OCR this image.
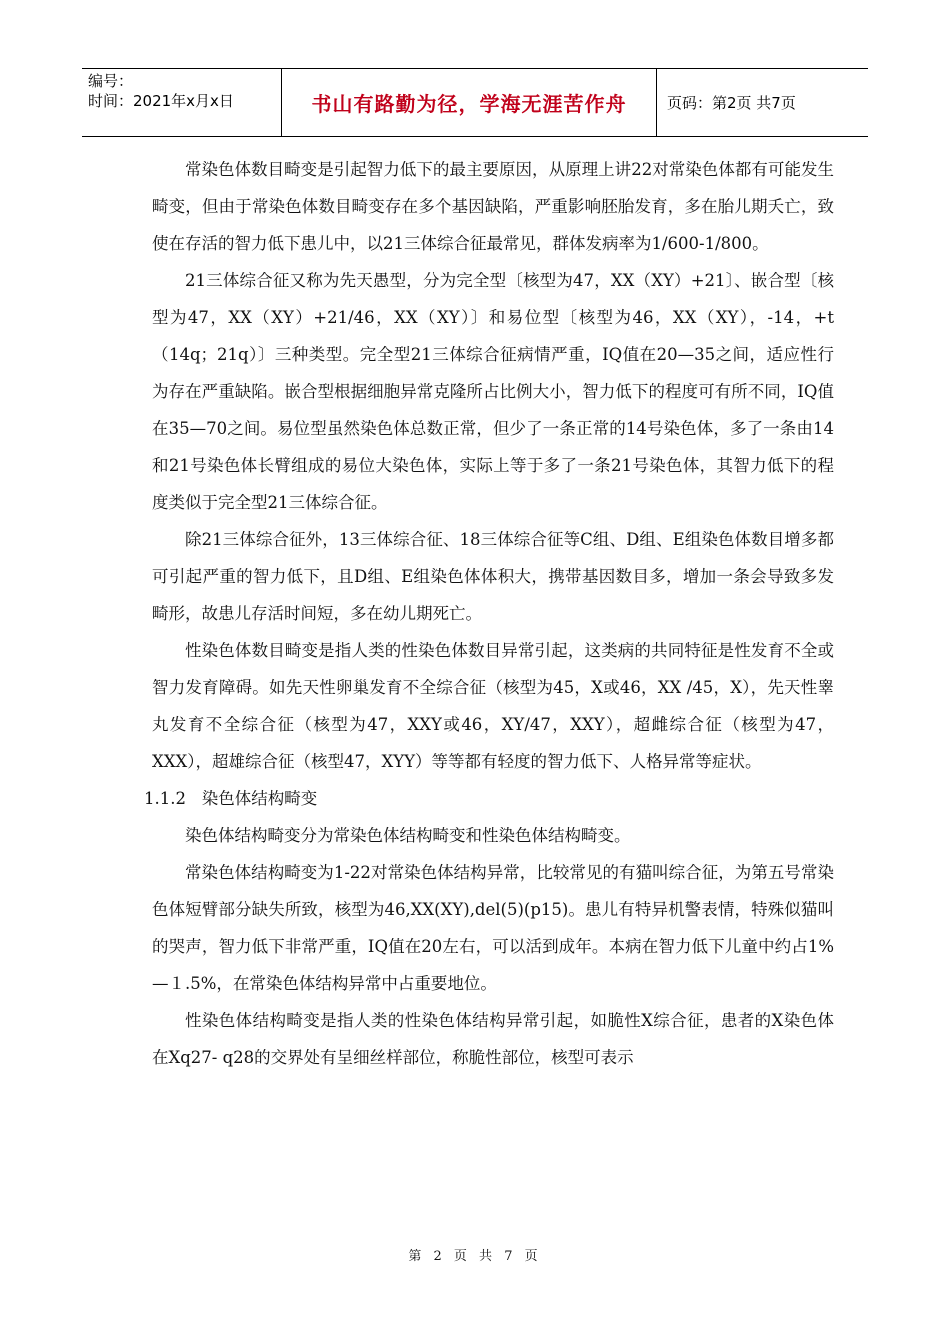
编号：
时间：2021年x月x日	书山有路勤为径，学海无涯苦作舟	页码：第2页 共7页

常染色体数目畸变是引起智力低下的最主要原因，从原理上讲22对常染色体都有可能发生畸变，但由于常染色体数目畸变存在多个基因缺陷，严重影响胚胎发育，多在胎儿期夭亡，致使在存活的智力低下患儿中，以21三体综合征最常见，群体发病率为1/600-1/800。

21三体综合征又称为先天愚型，分为完全型〔核型为47，XX（XY）+21〕、嵌合型〔核型为47，XX（XY）+21/46，XX（XY）〕和易位型〔核型为46，XX（XY），-14，+t（14q；21q）〕三种类型。完全型21三体综合征病情严重，IQ值在20—35之间，适应性行为存在严重缺陷。嵌合型根据细胞异常克隆所占比例大小，智力低下的程度可有所不同，IQ值在35—70之间。易位型虽然染色体总数正常，但少了一条正常的14号染色体，多了一条由14和21号染色体长臂组成的易位大染色体，实际上等于多了一条21号染色体，其智力低下的程度类似于完全型21三体综合征。

除21三体综合征外，13三体综合征、18三体综合征等C组、D组、E组染色体数目增多都可引起严重的智力低下，且D组、E组染色体体积大，携带基因数目多，增加一条会导致多发畸形，故患儿存活时间短，多在幼儿期死亡。

性染色体数目畸变是指人类的性染色体数目异常引起，这类病的共同特征是性发育不全或智力发育障碍。如先天性卵巢发育不全综合征（核型为45，X或46，XX /45，X），先天性睾丸发育不全综合征（核型为47，XXY或46，XY/47，XXY），超雌综合征（核型为47，XXX），超雄综合征（核型47，XYY）等等都有轻度的智力低下、人格异常等症状。

1.1.2 染色体结构畸变

染色体结构畸变分为常染色体结构畸变和性染色体结构畸变。

常染色体结构畸变为1-22对常染色体结构异常，比较常见的有猫叫综合征，为第五号常染色体短臂部分缺失所致，核型为46,XX(XY),del(5)(p15)。患儿有特异机警表情，特殊似猫叫的哭声，智力低下非常严重，IQ值在20左右，可以活到成年。本病在智力低下儿童中约占1%—１.5%，在常染色体结构异常中占重要地位。

性染色体结构畸变是指人类的性染色体结构异常引起，如脆性X综合征，患者的X染色体在Xq27- q28的交界处有呈细丝样部位，称脆性部位，核型可表示

第 2 页 共 7 页
